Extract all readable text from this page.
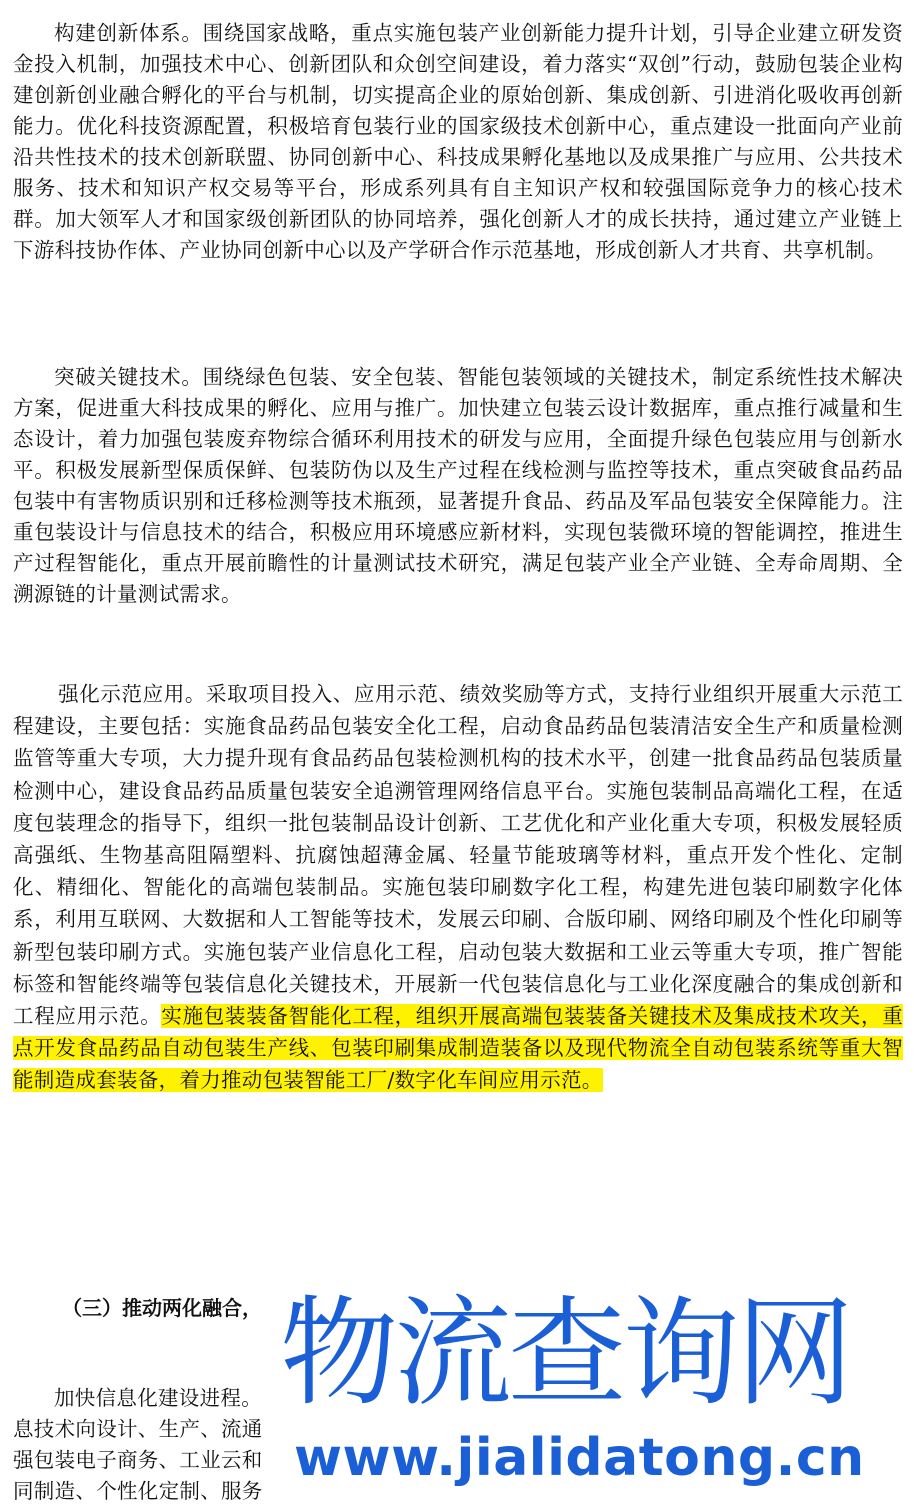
构建创新体系。围绕国家战略，重点实施包装产业创新能力提升计划，引导企业建立研发资金投入机制，加强技术中心、创新团队和众创空间建设，着力落实“双创”行动，鼓励包装企业构建创新创业融合孵化的平台与机制，切实提高企业的原始创新、集成创新、引进消化吸收再创新能力。优化科技资源配置，积极培育包装行业的国家级技术创新中心，重点建设一批面向产业前沿共性技术的技术创新联盟、协同创新中心、科技成果孵化基地以及成果推广与应用、公共技术服务、技术和知识产权交易等平台，形成系列具有自主知识产权和较强国际竞争力的核心技术群。加大领军人才和国家级创新团队的协同培养，强化创新人才的成长扶持，通过建立产业链上下游科技协作体、产业协同创新中心以及产学研合作示范基地，形成创新人才共育、共享机制。

突破关键技术。围绕绿色包装、安全包装、智能包装领域的关键技术，制定系统性技术解决方案，促进重大科技成果的孵化、应用与推广。加快建立包装云设计数据库，重点推行减量和生态设计，着力加强包装废弃物综合循环利用技术的研发与应用，全面提升绿色包装应用与创新水平。积极发展新型保质保鲜、包装防伪以及生产过程在线检测与监控等技术，重点突破食品药品包装中有害物质识别和迁移检测等技术瓶颈，显著提升食品、药品及军品包装安全保障能力。注重包装设计与信息技术的结合，积极应用环境感应新材料，实现包装微环境的智能调控，推进生产过程智能化，重点开展前瞻性的计量测试技术研究，满足包装产业全产业链、全寿命周期、全溯源链的计量测试需求。

强化示范应用。采取项目投入、应用示范、绩效奖励等方式，支持行业组织开展重大示范工程建设，主要包括：实施食品药品包装安全化工程，启动食品药品包装清洁安全生产和质量检测监管等重大专项，大力提升现有食品药品包装检测机构的技术水平，创建一批食品药品包装质量检测中心，建设食品药品质量包装安全追溯管理网络信息平台。实施包装制品高端化工程，在适度包装理念的指导下，组织一批包装制品设计创新、工艺优化和产业化重大专项，积极发展轻质高强纸、生物基高阻隔塑料、抗腐蚀超薄金属、轻量节能玻璃等材料，重点开发个性化、定制化、精细化、智能化的高端包装制品。实施包装印刷数字化工程，构建先进包装印刷数字化体系，利用互联网、大数据和人工智能等技术，发展云印刷、合版印刷、网络印刷及个性化印刷等新型包装印刷方式。实施包装产业信息化工程，启动包装大数据和工业云等重大专项，推广智能标签和智能终端等包装信息化关键技术，开展新一代包装信息化与工业化深度融合的集成创新和工程应用示范。实施包装装备智能化工程，组织开展高端包装装备关键技术及集成技术攻关，重点开发食品药品自动包装生产线、包装印刷集成制造装备以及现代物流全自动包装系统等重大智能制造成套装备，着力推动包装智能工厂/数字化车间应用示范。

加快信息化建设进程。
息技术向设计、生产、流通
强包装电子商务、工业云和
同制造、个性化定制、服务

（三）推动两化融合， 物流查询网
www.jialidatong.cn
